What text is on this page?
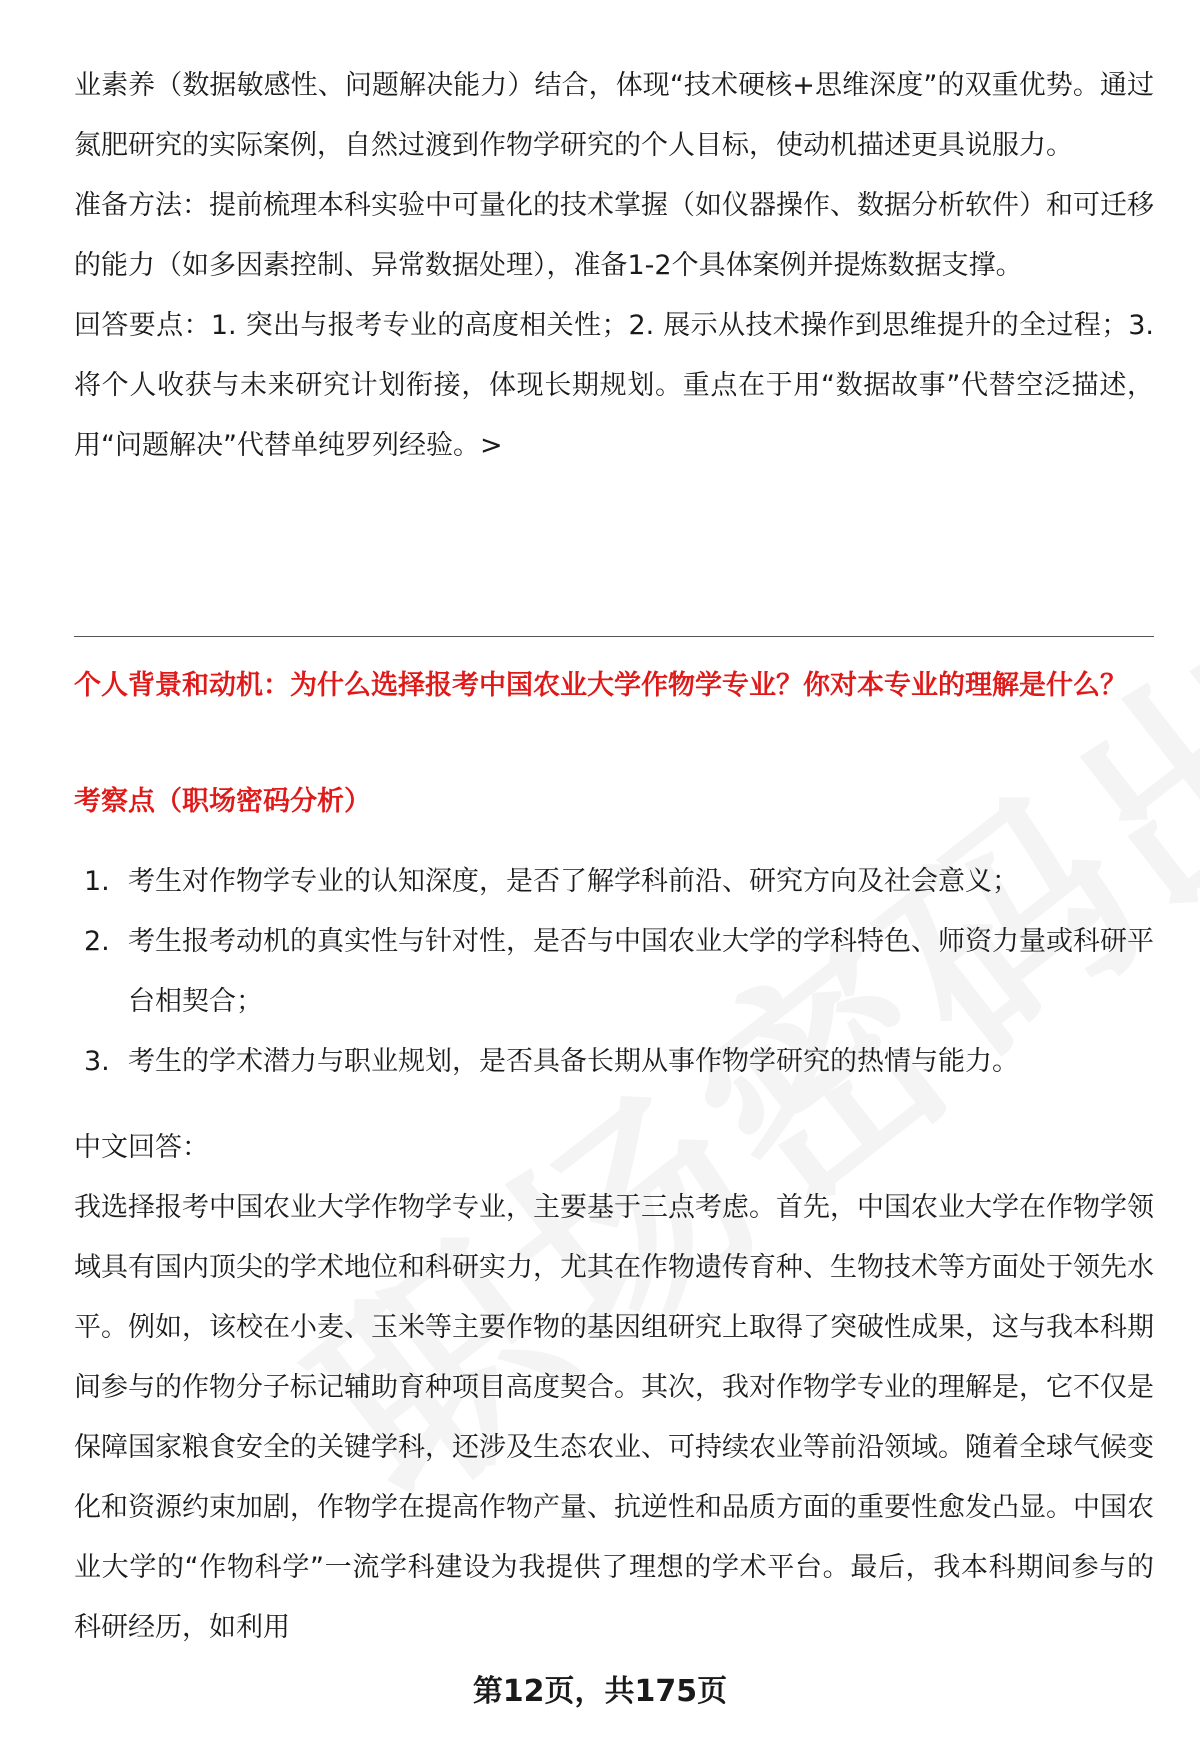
业素养（数据敏感性、问题解决能力）结合，体现“技术硬核+思维深度”的双重优势。通过氮肥研究的实际案例，自然过渡到作物学研究的个人目标，使动机描述更具说服力。

准备方法：提前梳理本科实验中可量化的技术掌握（如仪器操作、数据分析软件）和可迁移的能力（如多因素控制、异常数据处理），准备1-2个具体案例并提炼数据支撑。

回答要点：1. 突出与报考专业的高度相关性；2. 展示从技术操作到思维提升的全过程；3. 将个人收获与未来研究计划衔接，体现长期规划。重点在于用“数据故事”代替空泛描述，用“问题解决”代替单纯罗列经验。>

个人背景和动机：为什么选择报考中国农业大学作物学专业？你对本专业的理解是什么？
考察点（职场密码分析）
1. 考生对作物学专业的认知深度，是否了解学科前沿、研究方向及社会意义；
2. 考生报考动机的真实性与针对性，是否与中国农业大学的学科特色、师资力量或科研平台相契合；
3. 考生的学术潜力与职业规划，是否具备长期从事作物学研究的热情与能力。

中文回答：

我选择报考中国农业大学作物学专业，主要基于三点考虑。首先，中国农业大学在作物学领域具有国内顶尖的学术地位和科研实力，尤其在作物遗传育种、生物技术等方面处于领先水平。例如，该校在小麦、玉米等主要作物的基因组研究上取得了突破性成果，这与我本科期间参与的作物分子标记辅助育种项目高度契合。其次，我对作物学专业的理解是，它不仅是保障国家粮食安全的关键学科，还涉及生态农业、可持续农业等前沿领域。随着全球气候变化和资源约束加剧，作物学在提高作物产量、抗逆性和品质方面的重要性愈发凸显。中国农业大学的“作物科学”一流学科建设为我提供了理想的学术平台。最后，我本科期间参与的科研经历，如利用

第12页，共175页
